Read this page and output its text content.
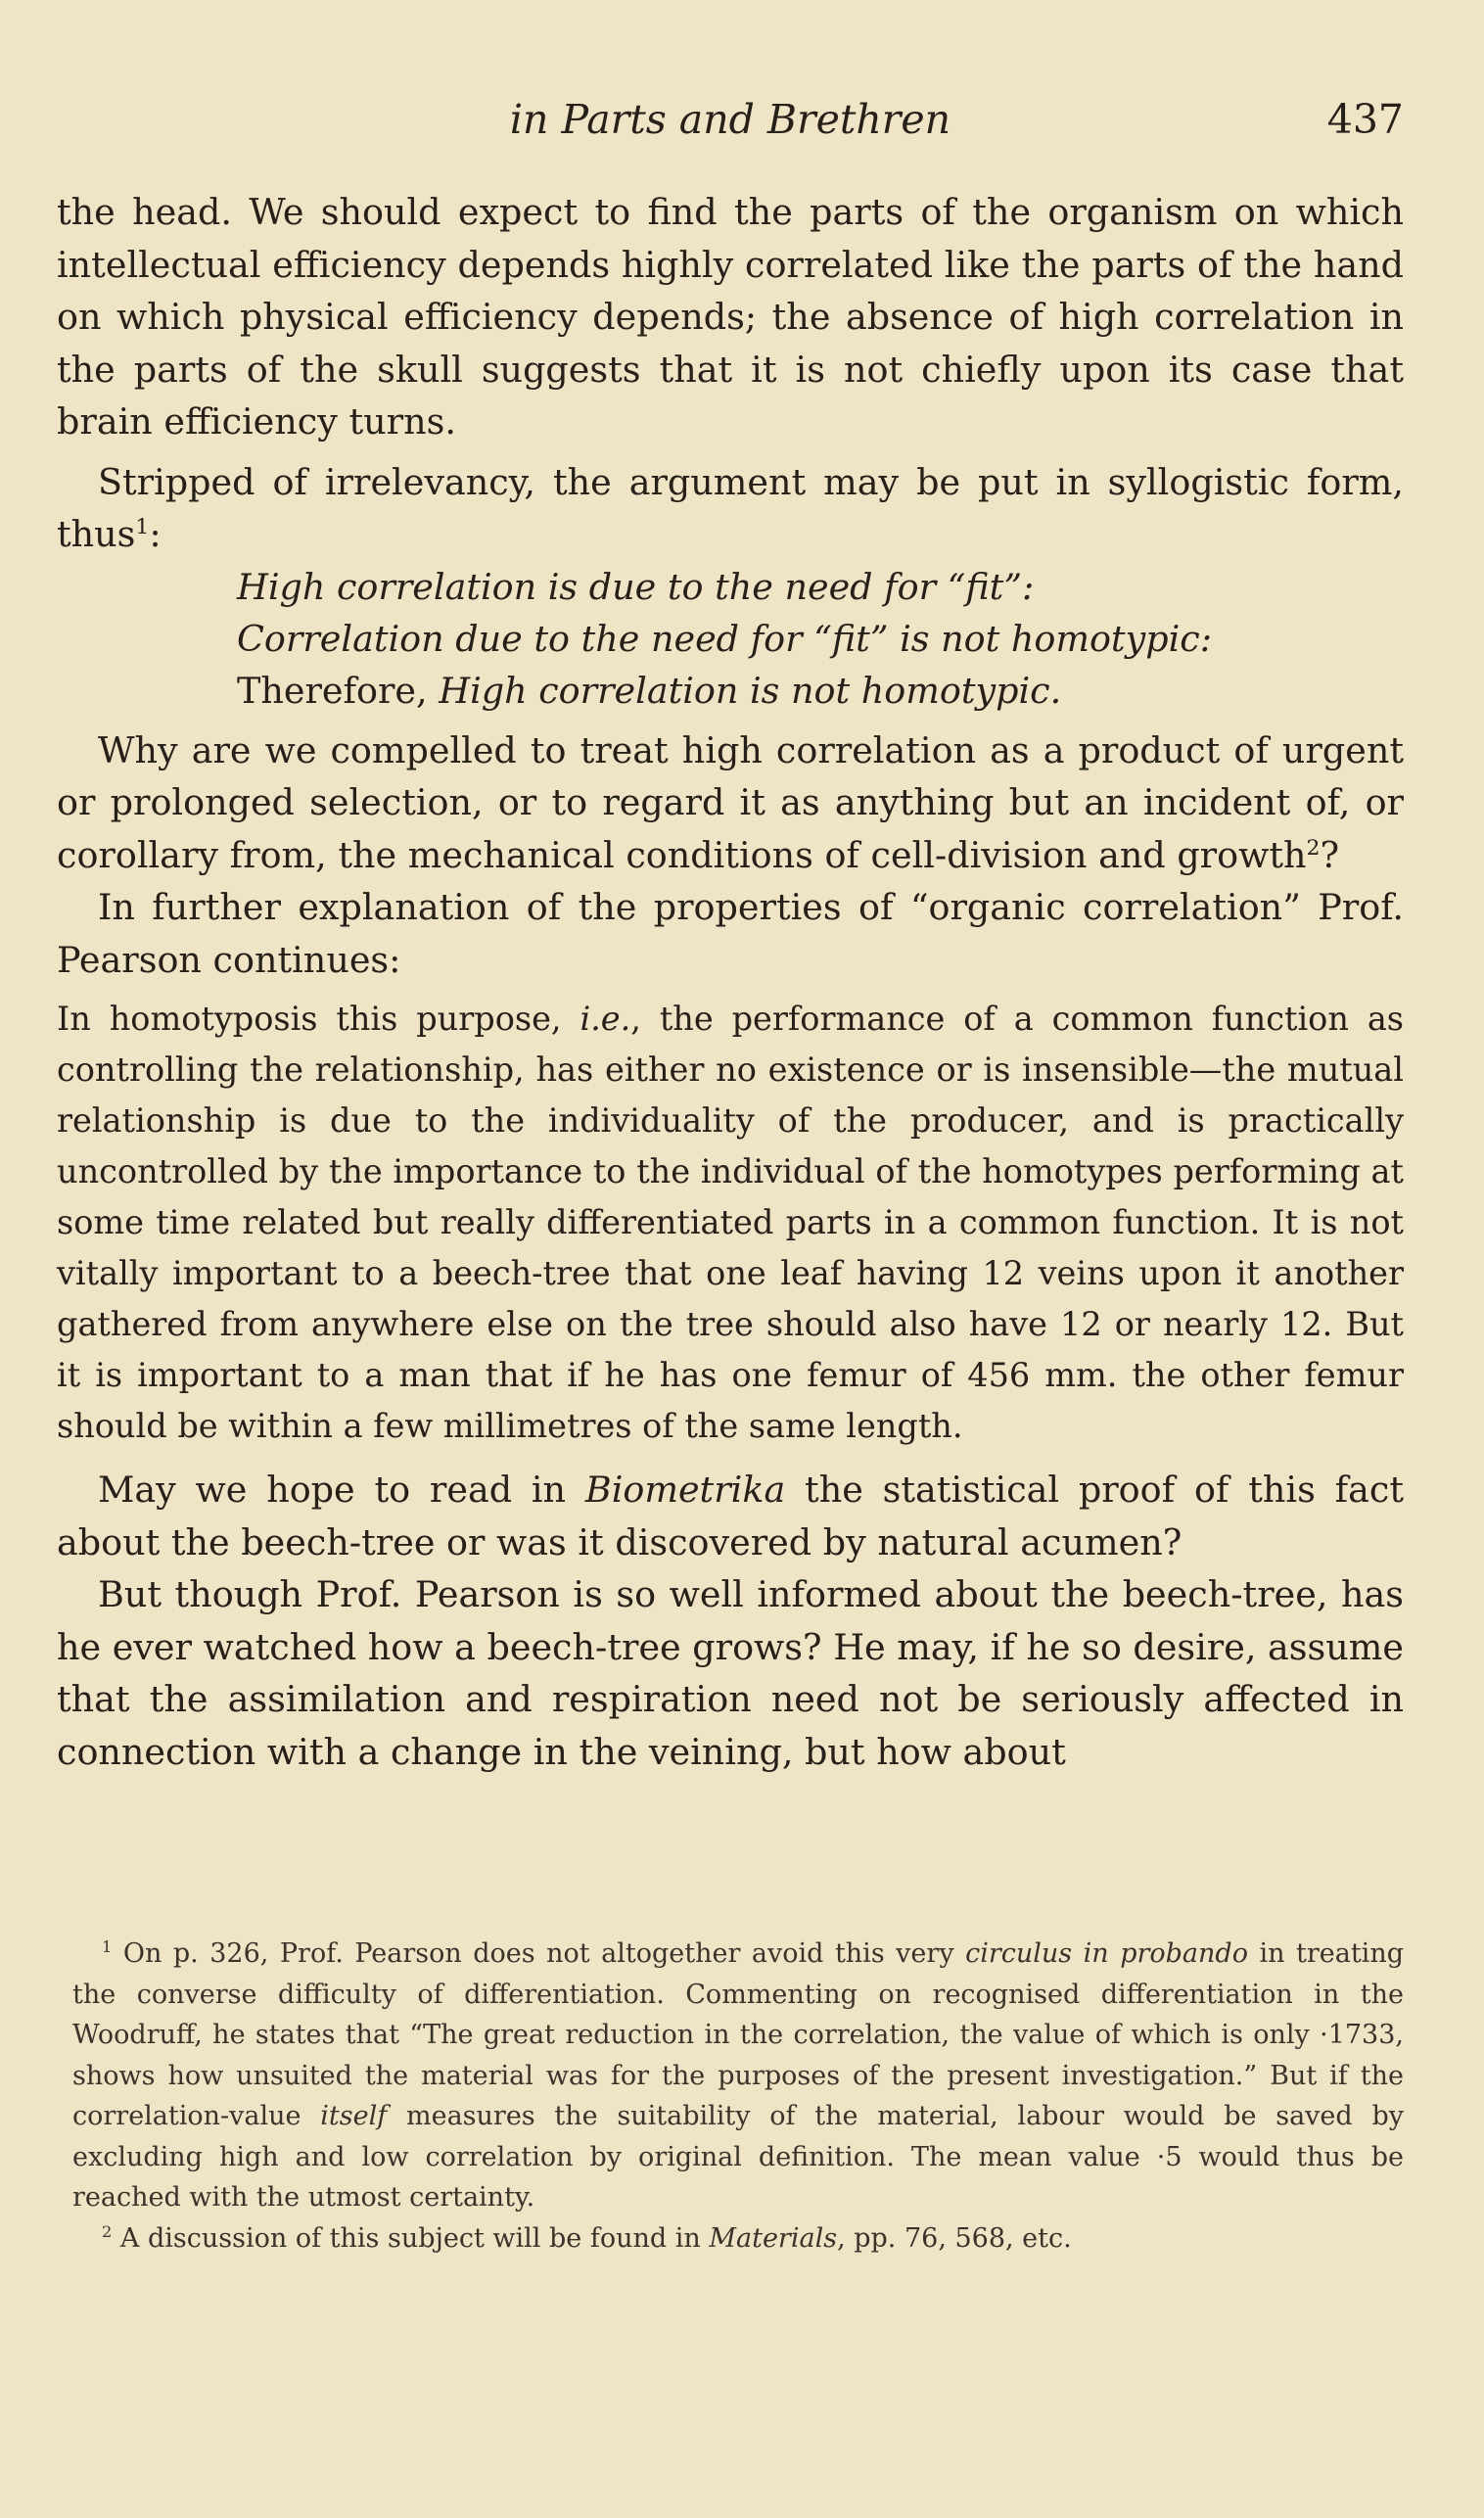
in Parts and Brethren	437

the head. We should expect to find the parts of the organism on which intellectual efficiency depends highly correlated like the parts of the hand on which physical efficiency depends; the absence of high correlation in the parts of the skull suggests that it is not chiefly upon its case that brain efficiency turns.

Stripped of irrelevancy, the argument may be put in syllogistic form, thus$^1$:

High correlation is due to the need for “fit”:
Correlation due to the need for “fit” is not homotypic:
Therefore, High correlation is not homotypic.

Why are we compelled to treat high correlation as a product of urgent or prolonged selection, or to regard it as anything but an incident of, or corollary from, the mechanical conditions of cell-division and growth$^2$?

In further explanation of the properties of “organic correlation” Prof. Pearson continues:

In homotyposis this purpose, i.e., the performance of a common function as controlling the relationship, has either no existence or is insensible—the mutual relationship is due to the individuality of the producer, and is practically uncontrolled by the importance to the individual of the homotypes performing at some time related but really differentiated parts in a common function. It is not vitally important to a beech-tree that one leaf having 12 veins upon it another gathered from anywhere else on the tree should also have 12 or nearly 12. But it is important to a man that if he has one femur of 456 mm. the other femur should be within a few millimetres of the same length.

May we hope to read in Biometrika the statistical proof of this fact about the beech-tree or was it discovered by natural acumen?

But though Prof. Pearson is so well informed about the beech-tree, has he ever watched how a beech-tree grows? He may, if he so desire, assume that the assimilation and respiration need not be seriously affected in connection with a change in the veining, but how about

$^1$ On p. 326, Prof. Pearson does not altogether avoid this very circulus in probando in treating the converse difficulty of differentiation. Commenting on recognised differentiation in the Woodruff, he states that “The great reduction in the correlation, the value of which is only ·1733, shows how unsuited the material was for the purposes of the present investigation.” But if the correlation-value itself measures the suitability of the material, labour would be saved by excluding high and low correlation by original definition. The mean value ·5 would thus be reached with the utmost certainty.

$^2$ A discussion of this subject will be found in Materials, pp. 76, 568, etc.
